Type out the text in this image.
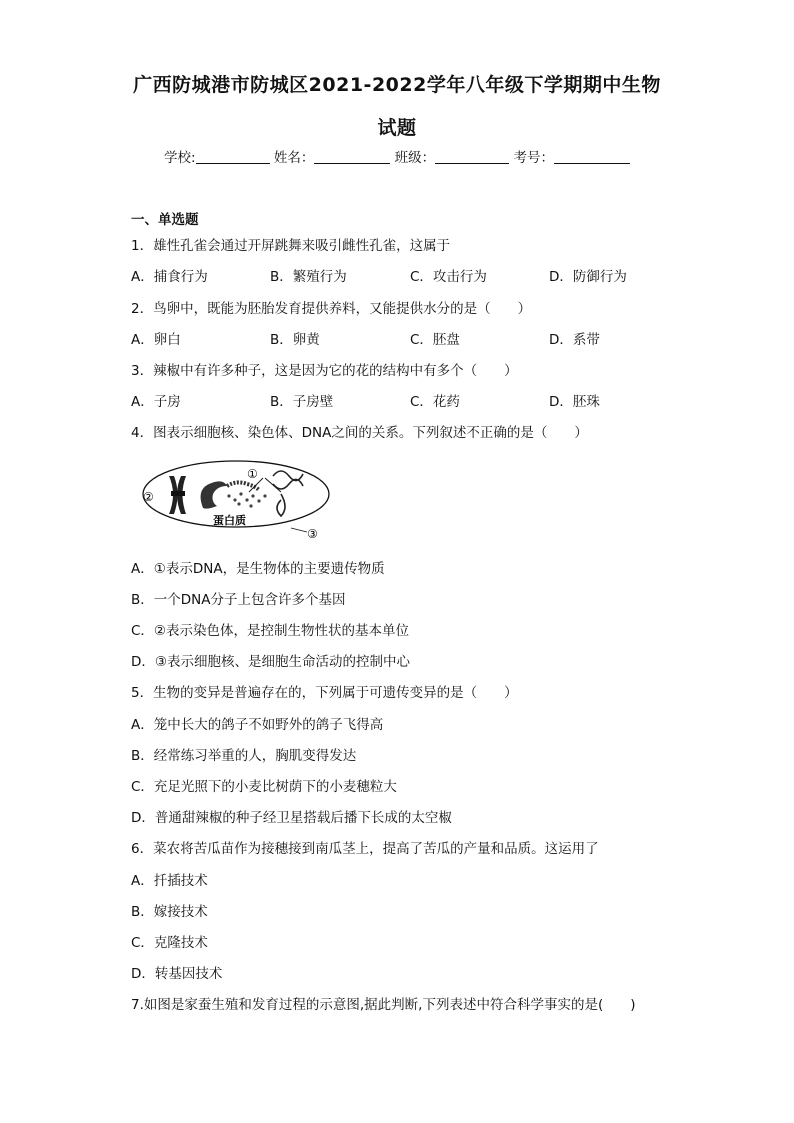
广西防城港市防城区2021-2022学年八年级下学期期中生物
试题
学校:	姓名：	班级：	考号：
一、单选题
1．雄性孔雀会通过开屏跳舞来吸引雌性孔雀，这属于
A．捕食行为	B．繁殖行为	C．攻击行为	D．防御行为
2．鸟卵中，既能为胚胎发育提供养料，又能提供水分的是（　　）
A．卵白	B．卵黄	C．胚盘	D．系带
3．辣椒中有许多种子，这是因为它的花的结构中有多个（　　）
A．子房	B．子房壁	C．花药	D．胚珠
4．图表示细胞核、染色体、DNA之间的关系。下列叙述不正确的是（　　）
①
②
③
蛋白质
A．①表示DNA，是生物体的主要遗传物质
B．一个DNA分子上包含许多个基因
C．②表示染色体，是控制生物性状的基本单位
D．③表示细胞核、是细胞生命活动的控制中心
5．生物的变异是普遍存在的，下列属于可遗传变异的是（　　）
A．笼中长大的鸽子不如野外的鸽子飞得高
B．经常练习举重的人，胸肌变得发达
C．充足光照下的小麦比树荫下的小麦穗粒大
D．普通甜辣椒的种子经卫星搭载后播下长成的太空椒
6．菜农将苦瓜苗作为接穗接到南瓜茎上，提高了苦瓜的产量和品质。这运用了
A．扦插技术
B．嫁接技术
C．克隆技术
D．转基因技术
7.如图是家蚕生殖和发育过程的示意图,据此判断,下列表述中符合科学事实的是(　　)
